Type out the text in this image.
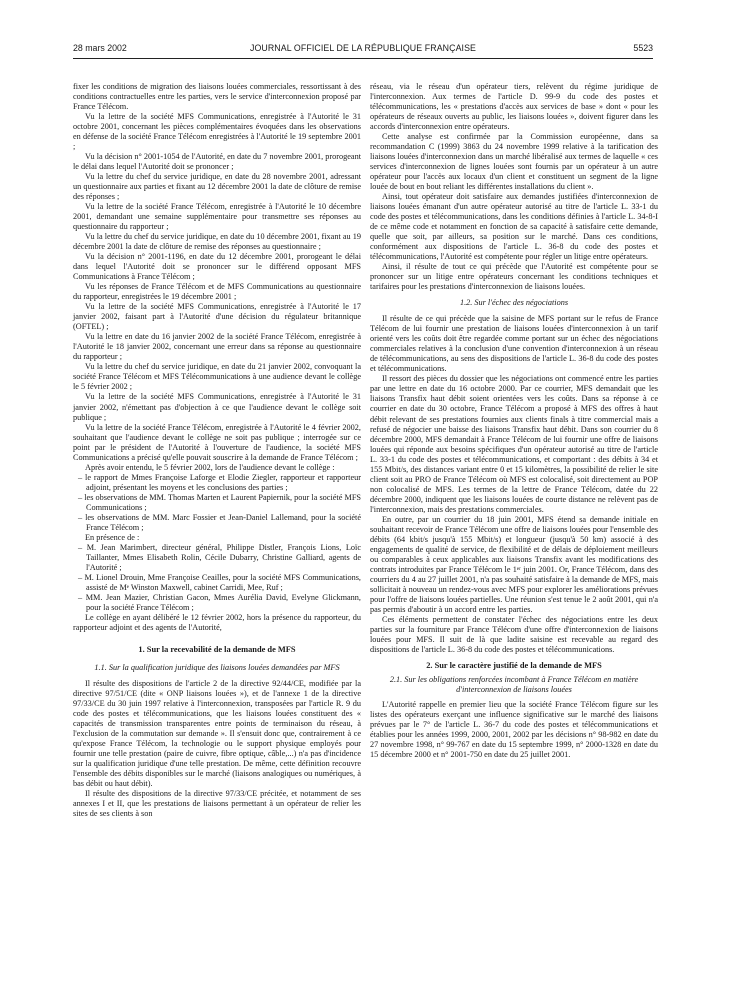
28 mars 2002	JOURNAL OFFICIEL DE LA RÉPUBLIQUE FRANÇAISE	5523

fixer les conditions de migration des liaisons louées commerciales, ressortissant à des conditions contractuelles entre les parties, vers le service d'interconnexion proposé par France Télécom.

Vu la lettre de la société MFS Communications, enregistrée à l'Autorité le 31 octobre 2001, concernant les pièces complémentaires évoquées dans les observations en défense de la société France Télécom enregistrées à l'Autorité le 19 septembre 2001 ;

Vu la décision n° 2001-1054 de l'Autorité, en date du 7 novembre 2001, prorogeant le délai dans lequel l'Autorité doit se prononcer ;

Vu la lettre du chef du service juridique, en date du 28 novembre 2001, adressant un questionnaire aux parties et fixant au 12 décembre 2001 la date de clôture de remise des réponses ;

Vu la lettre de la société France Télécom, enregistrée à l'Autorité le 10 décembre 2001, demandant une semaine supplémentaire pour transmettre ses réponses au questionnaire du rapporteur ;

Vu la lettre du chef du service juridique, en date du 10 décembre 2001, fixant au 19 décembre 2001 la date de clôture de remise des réponses au questionnaire ;

Vu la décision n° 2001-1196, en date du 12 décembre 2001, prorogeant le délai dans lequel l'Autorité doit se prononcer sur le différend opposant MFS Communications à France Télécom ;

Vu les réponses de France Télécom et de MFS Communications au questionnaire du rapporteur, enregistrées le 19 décembre 2001 ;

Vu la lettre de la société MFS Communications, enregistrée à l'Autorité le 17 janvier 2002, faisant part à l'Autorité d'une décision du régulateur britannique (OFTEL) ;

Vu la lettre en date du 16 janvier 2002 de la société France Télécom, enregistrée à l'Autorité le 18 janvier 2002, concernant une erreur dans sa réponse au questionnaire du rapporteur ;

Vu la lettre du chef du service juridique, en date du 21 janvier 2002, convoquant la société France Télécom et MFS Télécommunications à une audience devant le collège le 5 février 2002 ;

Vu la lettre de la société MFS Communications, enregistrée à l'Autorité le 31 janvier 2002, n'émettant pas d'objection à ce que l'audience devant le collège soit publique ;

Vu la lettre de la société France Télécom, enregistrée à l'Autorité le 4 février 2002, souhaitant que l'audience devant le collège ne soit pas publique ; interrogée sur ce point par le président de l'Autorité à l'ouverture de l'audience, la société MFS Communications a précisé qu'elle pouvait souscrire à la demande de France Télécom ;

Après avoir entendu, le 5 février 2002, lors de l'audience devant le collège :

– le rapport de Mmes Françoise Laforge et Elodie Ziegler, rapporteur et rapporteur adjoint, présentant les moyens et les conclusions des parties ;
– les observations de MM. Thomas Marten et Laurent Papiernik, pour la société MFS Communications ;
– les observations de MM. Marc Fossier et Jean-Daniel Lallemand, pour la société France Télécom ;

En présence de :

– M. Jean Marimbert, directeur général, Philippe Distler, François Lions, Loïc Taillanter, Mmes Elisabeth Rolin, Cécile Dubarry, Christine Galliard, agents de l'Autorité ;
– M. Lionel Drouin, Mme Françoise Ceailles, pour la société MFS Communications, assisté de Mᵉ Winston Maxwell, cabinet Carridi, Mee, Ruf ;
– MM. Jean Mazier, Christian Gacon, Mmes Aurélia David, Evelyne Glickmann, pour la société France Télécom ;

Le collège en ayant délibéré le 12 février 2002, hors la présence du rapporteur, du rapporteur adjoint et des agents de l'Autorité,

1. Sur la recevabilité de la demande de MFS
1.1. Sur la qualification juridique des liaisons louées demandées par MFS

Il résulte des dispositions de l'article 2 de la directive 92/44/CE, modifiée par la directive 97/51/CE (dite « ONP liaisons louées »), et de l'annexe 1 de la directive 97/33/CE du 30 juin 1997 relative à l'interconnexion, transposées par l'article R. 9 du code des postes et télécommunications, que les liaisons louées constituent des « capacités de transmission transparentes entre points de terminaison du réseau, à l'exclusion de la commutation sur demande ». Il s'ensuit donc que, contrairement à ce qu'expose France Télécom, la technologie ou le support physique employés pour fournir une telle prestation (paire de cuivre, fibre optique, câble,...) n'a pas d'incidence sur la qualification juridique d'une telle prestation. De même, cette définition recouvre l'ensemble des débits disponibles sur le marché (liaisons analogiques ou numériques, à bas débit ou haut débit).

Il résulte des dispositions de la directive 97/33/CE précitée, et notamment de ses annexes I et II, que les prestations de liaisons permettant à un opérateur de relier les sites de ses clients à son

réseau, via le réseau d'un opérateur tiers, relèvent du régime juridique de l'interconnexion. Aux termes de l'article D. 99-9 du code des postes et télécommunications, les « prestations d'accès aux services de base » dont « pour les opérateurs de réseaux ouverts au public, les liaisons louées », doivent figurer dans les accords d'interconnexion entre opérateurs.

Cette analyse est confirmée par la Commission européenne, dans sa recommandation C (1999) 3863 du 24 novembre 1999 relative à la tarification des liaisons louées d'interconnexion dans un marché libéralisé aux termes de laquelle « ces services d'interconnexion de lignes louées sont fournis par un opérateur à un autre opérateur pour l'accès aux locaux d'un client et constituent un segment de la ligne louée de bout en bout reliant les différentes installations du client ».

Ainsi, tout opérateur doit satisfaire aux demandes justifiées d'interconnexion de liaisons louées émanant d'un autre opérateur autorisé au titre de l'article L. 33-1 du code des postes et télécommunications, dans les conditions définies à l'article L. 34-8-I de ce même code et notamment en fonction de sa capacité à satisfaire cette demande, quelle que soit, par ailleurs, sa position sur le marché. Dans ces conditions, conformément aux dispositions de l'article L. 36-8 du code des postes et télécommunications, l'Autorité est compétente pour régler un litige entre opérateurs.

Ainsi, il résulte de tout ce qui précède que l'Autorité est compétente pour se prononcer sur un litige entre opérateurs concernant les conditions techniques et tarifaires pour les prestations d'interconnexion de liaisons louées.

1.2. Sur l'échec des négociations

Il résulte de ce qui précède que la saisine de MFS portant sur le refus de France Télécom de lui fournir une prestation de liaisons louées d'interconnexion à un tarif orienté vers les coûts doit être regardée comme portant sur un échec des négociations commerciales relatives à la conclusion d'une convention d'interconnexion à un réseau de télécommunications, au sens des dispositions de l'article L. 36-8 du code des postes et télécommunications.

Il ressort des pièces du dossier que les négociations ont commencé entre les parties par une lettre en date du 16 octobre 2000. Par ce courrier, MFS demandait que les liaisons Transfix haut débit soient orientées vers les coûts. Dans sa réponse à ce courrier en date du 30 octobre, France Télécom a proposé à MFS des offres à haut débit relevant de ses prestations fournies aux clients finals à titre commercial mais a refusé de négocier une baisse des liaisons Transfix haut débit. Dans son courrier du 8 décembre 2000, MFS demandait à France Télécom de lui fournir une offre de liaisons louées qui réponde aux besoins spécifiques d'un opérateur autorisé au titre de l'article L. 33-1 du code des postes et télécommunications, et comportant : des débits à 34 et 155 Mbit/s, des distances variant entre 0 et 15 kilomètres, la possibilité de relier le site client soit au PRO de France Télécom où MFS est colocalisé, soit directement au POP non colocalisé de MFS. Les termes de la lettre de France Télécom, datée du 22 décembre 2000, indiquent que les liaisons louées de courte distance ne relèvent pas de l'interconnexion, mais des prestations commerciales.

En outre, par un courrier du 18 juin 2001, MFS étend sa demande initiale en souhaitant recevoir de France Télécom une offre de liaisons louées pour l'ensemble des débits (64 kbit/s jusqu'à 155 Mbit/s) et longueur (jusqu'à 50 km) associé à des engagements de qualité de service, de flexibilité et de délais de déploiement meilleurs ou comparables à ceux applicables aux liaisons Transfix avant les modifications des contrats introduites par France Télécom le 1ᵉʳ juin 2001. Or, France Télécom, dans des courriers du 4 au 27 juillet 2001, n'a pas souhaité satisfaire à la demande de MFS, mais sollicitait à nouveau un rendez-vous avec MFS pour explorer les améliorations prévues pour l'offre de liaisons louées partielles. Une réunion s'est tenue le 2 août 2001, qui n'a pas permis d'aboutir à un accord entre les parties.

Ces éléments permettent de constater l'échec des négociations entre les deux parties sur la fourniture par France Télécom d'une offre d'interconnexion de liaisons louées pour MFS. Il suit de là que ladite saisine est recevable au regard des dispositions de l'article L. 36-8 du code des postes et télécommunications.

2. Sur le caractère justifié de la demande de MFS
2.1. Sur les obligations renforcées incombant à France Télécom en matière d'interconnexion de liaisons louées

L'Autorité rappelle en premier lieu que la société France Télécom figure sur les listes des opérateurs exerçant une influence significative sur le marché des liaisons prévues par le 7° de l'article L. 36-7 du code des postes et télécommunications et établies pour les années 1999, 2000, 2001, 2002 par les décisions n° 98-982 en date du 27 novembre 1998, n° 99-767 en date du 15 septembre 1999, n° 2000-1328 en date du 15 décembre 2000 et n° 2001-750 en date du 25 juillet 2001.
